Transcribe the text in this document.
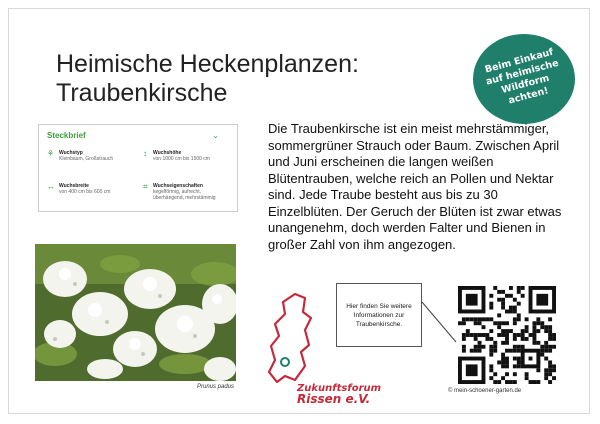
Heimische Heckenplanzen:
Traubenkirsche
Beim Einkauf auf heimische Wildform achten!
Steckbrief	⌄
⚘ Wuchstyp
Kleinbaum, Großstrauch
↕ Wuchshöhe
von 1000 cm bis 1500 cm
↔ Wuchsbreite
von 400 cm bis 600 cm
⌗ Wuchseigenschaften
kegelförmig, aufrecht, überhängend, mehrstämmig
Die Traubenkirsche ist ein meist mehrstämmiger, sommergrüner Strauch oder Baum. Zwischen April und Juni erscheinen die langen weißen Blütentrauben, welche reich an Pollen und Nektar sind. Jede Traube besteht aus bis zu 30 Einzelblüten. Der Geruch der Blüten ist zwar etwas unangenehm, doch werden Falter und Bienen in großer Zahl von ihm angezogen.
Prunus padus	Zukunftsforum
Rissen e.V.
Hier finden Sie weitere Informationen zur Traubenkirsche.
© mein-schoener-garten.de
